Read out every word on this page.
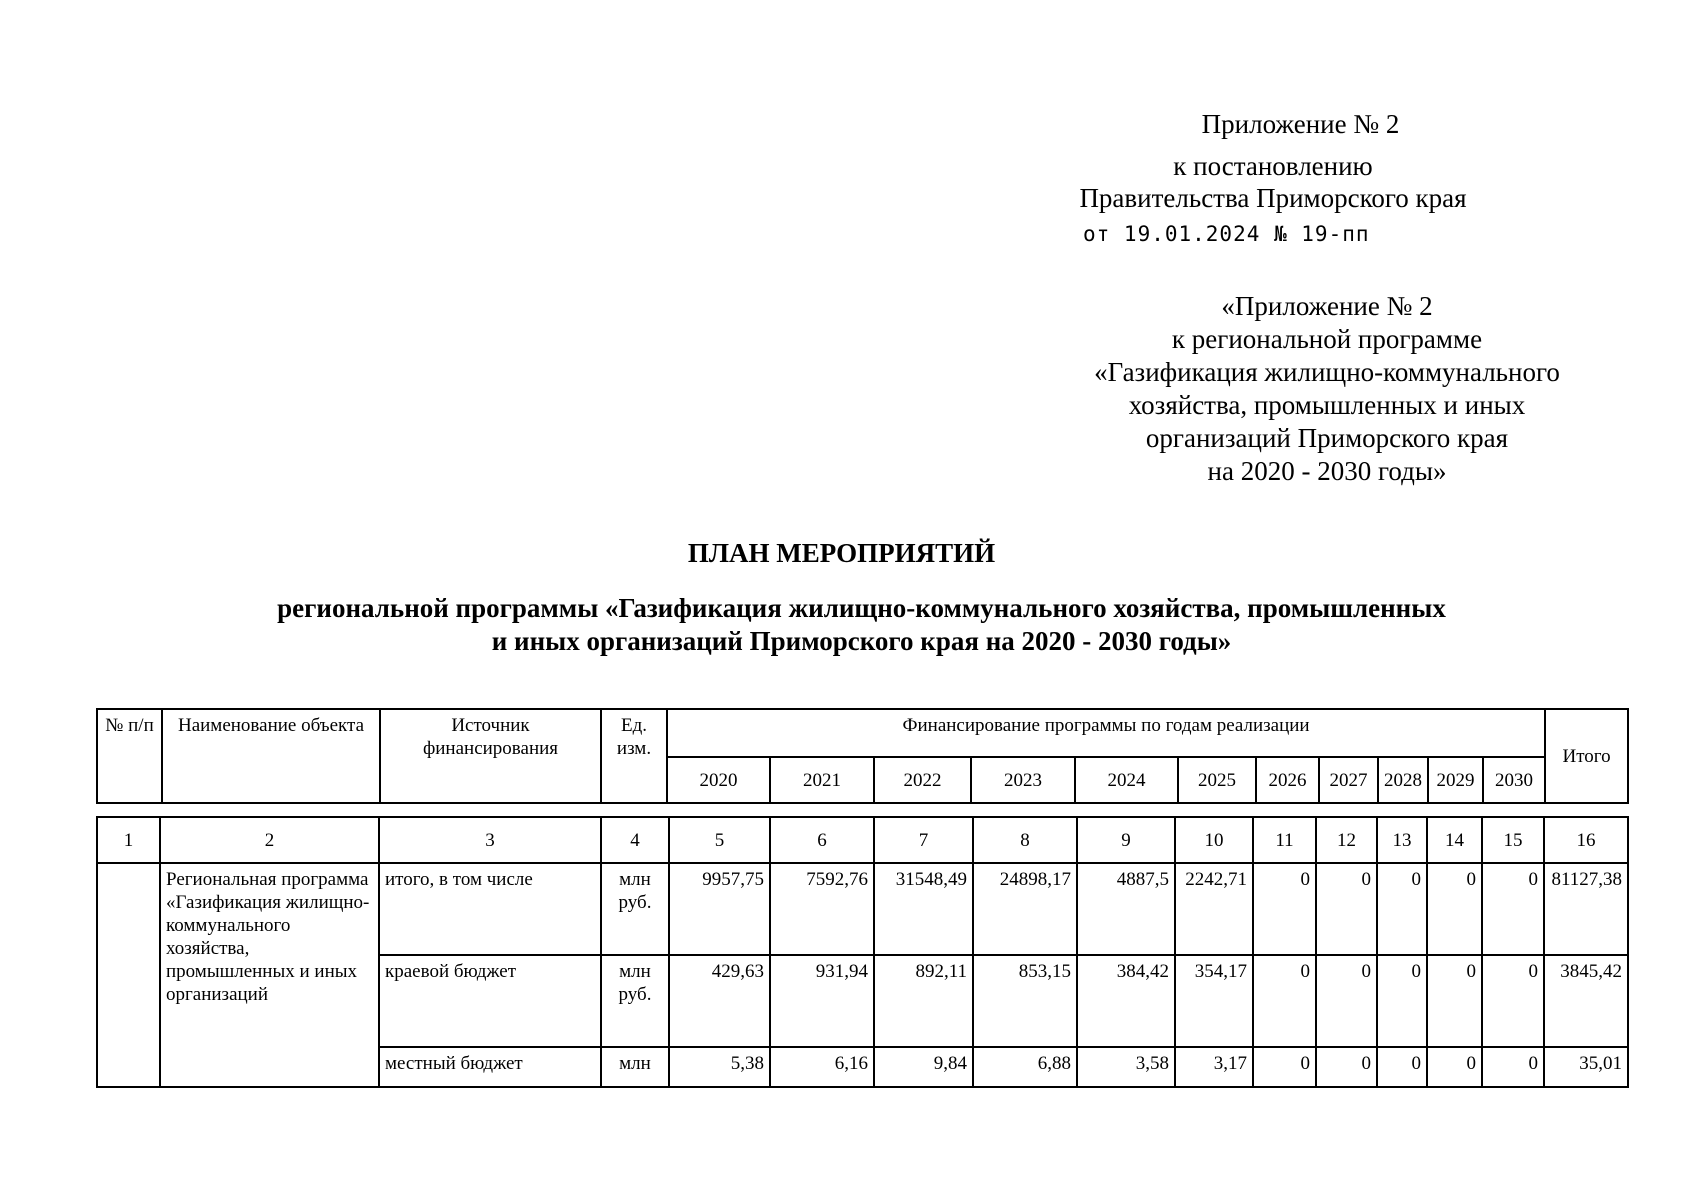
Приложение № 2
к постановлению
Правительства Приморского края
от 19.01.2024 № 19-пп
«Приложение № 2
к региональной программе
«Газификация жилищно-коммунального
хозяйства, промышленных и иных
организаций Приморского края
на 2020 - 2030 годы»
ПЛАН МЕРОПРИЯТИЙ
региональной программы «Газификация жилищно-коммунального хозяйства, промышленных
и иных организаций Приморского края на 2020 - 2030 годы»
№ п/п	Наименование объекта	Источник финансирования	Ед. изм.	Финансирование программы по годам реализации											Итого
				2020	2021	2022	2023	2024	2025	2026	2027	2028	2029	2030	
1	2	3	4	5	6	7	8	9	10	11	12	13	14	15	16
	Региональная программа «Газификация жилищно-коммунального хозяйства, промышленных и иных организаций	итого, в том числе	млн руб.	9957,75	7592,76	31548,49	24898,17	4887,5	2242,71	0	0	0	0	0	81127,38
		краевой бюджет	млн руб.	429,63	931,94	892,11	853,15	384,42	354,17	0	0	0	0	0	3845,42
		местный бюджет	млн	5,38	6,16	9,84	6,88	3,58	3,17	0	0	0	0	0	35,01
